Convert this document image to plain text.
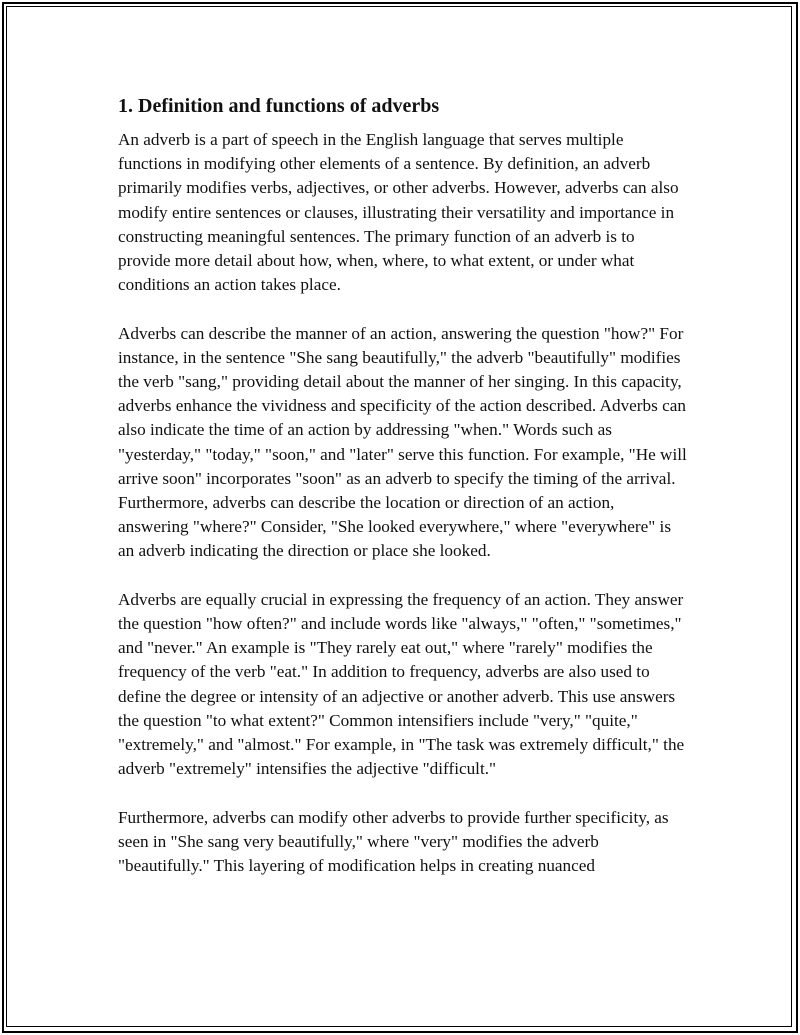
1. Definition and functions of adverbs

An adverb is a part of speech in the English language that serves multiple functions in modifying other elements of a sentence. By definition, an adverb primarily modifies verbs, adjectives, or other adverbs. However, adverbs can also modify entire sentences or clauses, illustrating their versatility and importance in constructing meaningful sentences. The primary function of an adverb is to provide more detail about how, when, where, to what extent, or under what conditions an action takes place.

Adverbs can describe the manner of an action, answering the question "how?" For instance, in the sentence "She sang beautifully," the adverb "beautifully" modifies the verb "sang," providing detail about the manner of her singing. In this capacity, adverbs enhance the vividness and specificity of the action described. Adverbs can also indicate the time of an action by addressing "when." Words such as "yesterday," "today," "soon," and "later" serve this function. For example, "He will arrive soon" incorporates "soon" as an adverb to specify the timing of the arrival. Furthermore, adverbs can describe the location or direction of an action, answering "where?" Consider, "She looked everywhere," where "everywhere" is an adverb indicating the direction or place she looked.

Adverbs are equally crucial in expressing the frequency of an action. They answer the question "how often?" and include words like "always," "often," "sometimes," and "never." An example is "They rarely eat out," where "rarely" modifies the frequency of the verb "eat." In addition to frequency, adverbs are also used to define the degree or intensity of an adjective or another adverb. This use answers the question "to what extent?" Common intensifiers include "very," "quite," "extremely," and "almost." For example, in "The task was extremely difficult," the adverb "extremely" intensifies the adjective "difficult."

Furthermore, adverbs can modify other adverbs to provide further specificity, as seen in "She sang very beautifully," where "very" modifies the adverb "beautifully." This layering of modification helps in creating nuanced
